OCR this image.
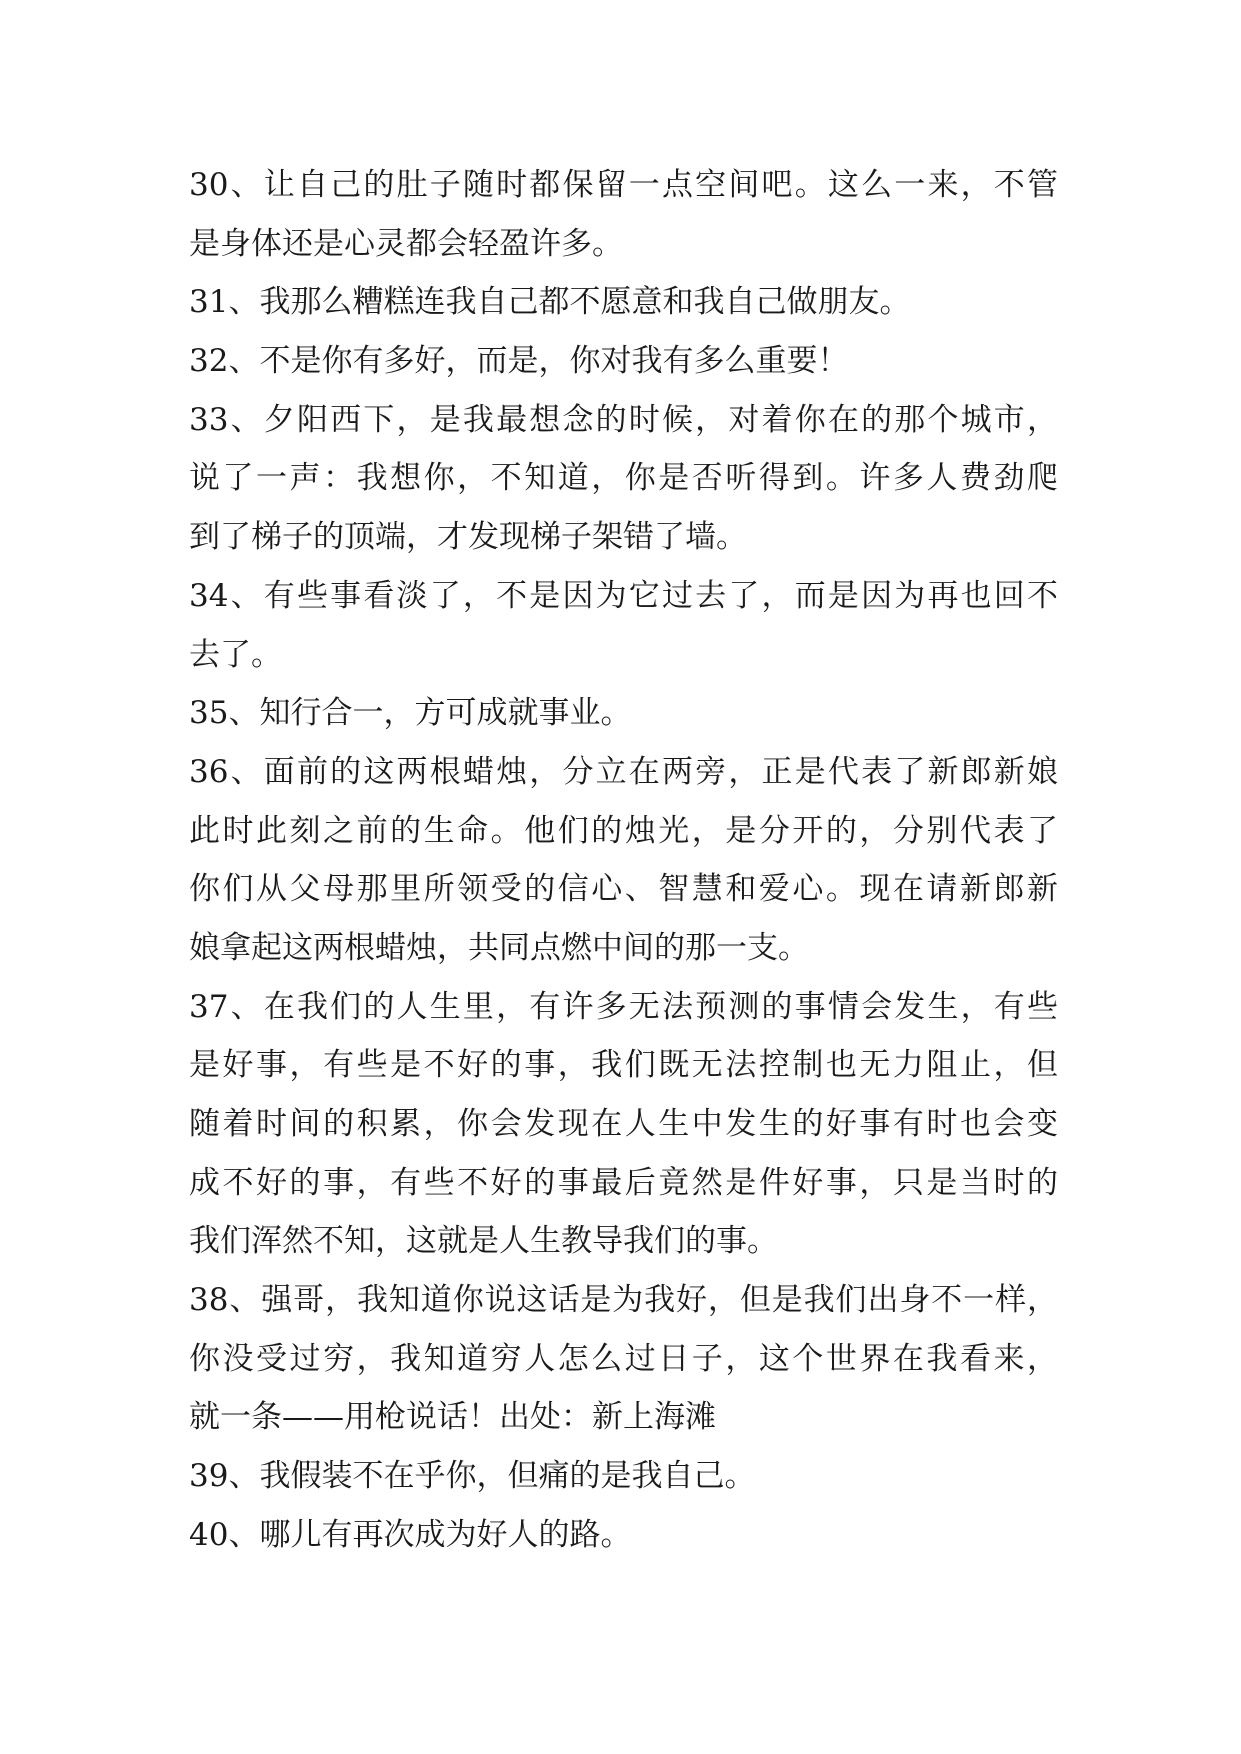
30、让自己的肚子随时都保留一点空间吧。这么一来，不管
是身体还是心灵都会轻盈许多。
31、我那么糟糕连我自己都不愿意和我自己做朋友。
32、不是你有多好，而是，你对我有多么重要！
33、夕阳西下，是我最想念的时候，对着你在的那个城市，
说了一声：我想你，不知道，你是否听得到。许多人费劲爬
到了梯子的顶端，才发现梯子架错了墙。
34、有些事看淡了，不是因为它过去了，而是因为再也回不
去了。
35、知行合一，方可成就事业。
36、面前的这两根蜡烛，分立在两旁，正是代表了新郎新娘
此时此刻之前的生命。他们的烛光，是分开的，分别代表了
你们从父母那里所领受的信心、智慧和爱心。现在请新郎新
娘拿起这两根蜡烛，共同点燃中间的那一支。
37、在我们的人生里，有许多无法预测的事情会发生，有些
是好事，有些是不好的事，我们既无法控制也无力阻止，但
随着时间的积累，你会发现在人生中发生的好事有时也会变
成不好的事，有些不好的事最后竟然是件好事，只是当时的
我们浑然不知，这就是人生教导我们的事。
38、强哥，我知道你说这话是为我好，但是我们出身不一样，
你没受过穷，我知道穷人怎么过日子，这个世界在我看来，
就一条——用枪说话！出处：新上海滩
39、我假装不在乎你，但痛的是我自己。
40、哪儿有再次成为好人的路。
